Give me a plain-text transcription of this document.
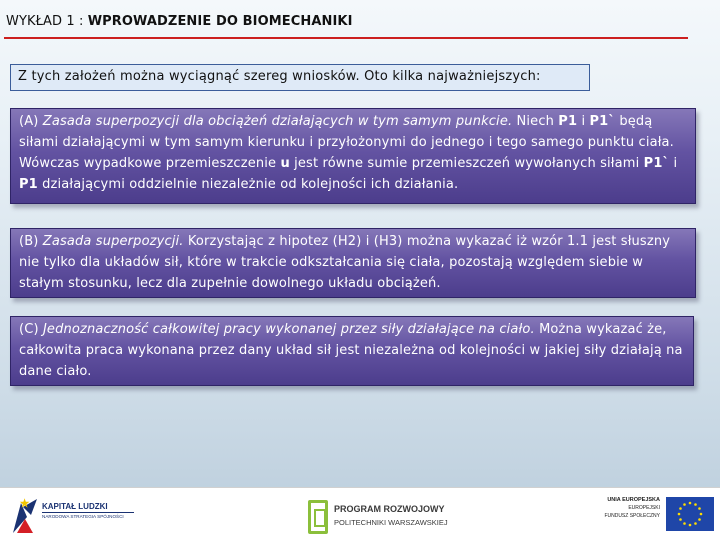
WYKŁAD 1 : WPROWADZENIE DO BIOMECHANIKI
Z tych założeń można wyciągnąć szereg wniosków. Oto kilka najważniejszych:
(A) Zasada superpozycji dla obciążeń działających w tym samym punkcie. Niech P1 i P1` będą siłami działającymi w tym samym kierunku i przyłożonymi do jednego i tego samego punktu ciała. Wówczas wypadkowe przemieszczenie u jest równe sumie przemieszczeń wywołanych siłami P1` i P1 działającymi oddzielnie niezależnie od kolejności ich działania.
(B) Zasada superpozycji. Korzystając z hipotez (H2) i (H3) można wykazać iż wzór 1.1 jest słuszny nie tylko dla układów sił, które w trakcie odkształcania się ciała, pozostają względem siebie w stałym stosunku, lecz dla zupełnie dowolnego układu obciążeń.
(C) Jednoznaczność całkowitej pracy wykonanej przez siły działające na ciało. Można wykazać że, całkowita praca wykonana przez dany układ sił jest niezależna od kolejności w jakiej siły działają na dane ciało.
KAPITAŁ LUDZKI
NARODOWA STRATEGIA SPÓJNOŚCI
PROGRAM ROZWOJOWY
POLITECHNIKI WARSZAWSKIEJ
UNIA EUROPEJSKA
EUROPEJSKI
FUNDUSZ SPOŁECZNY
